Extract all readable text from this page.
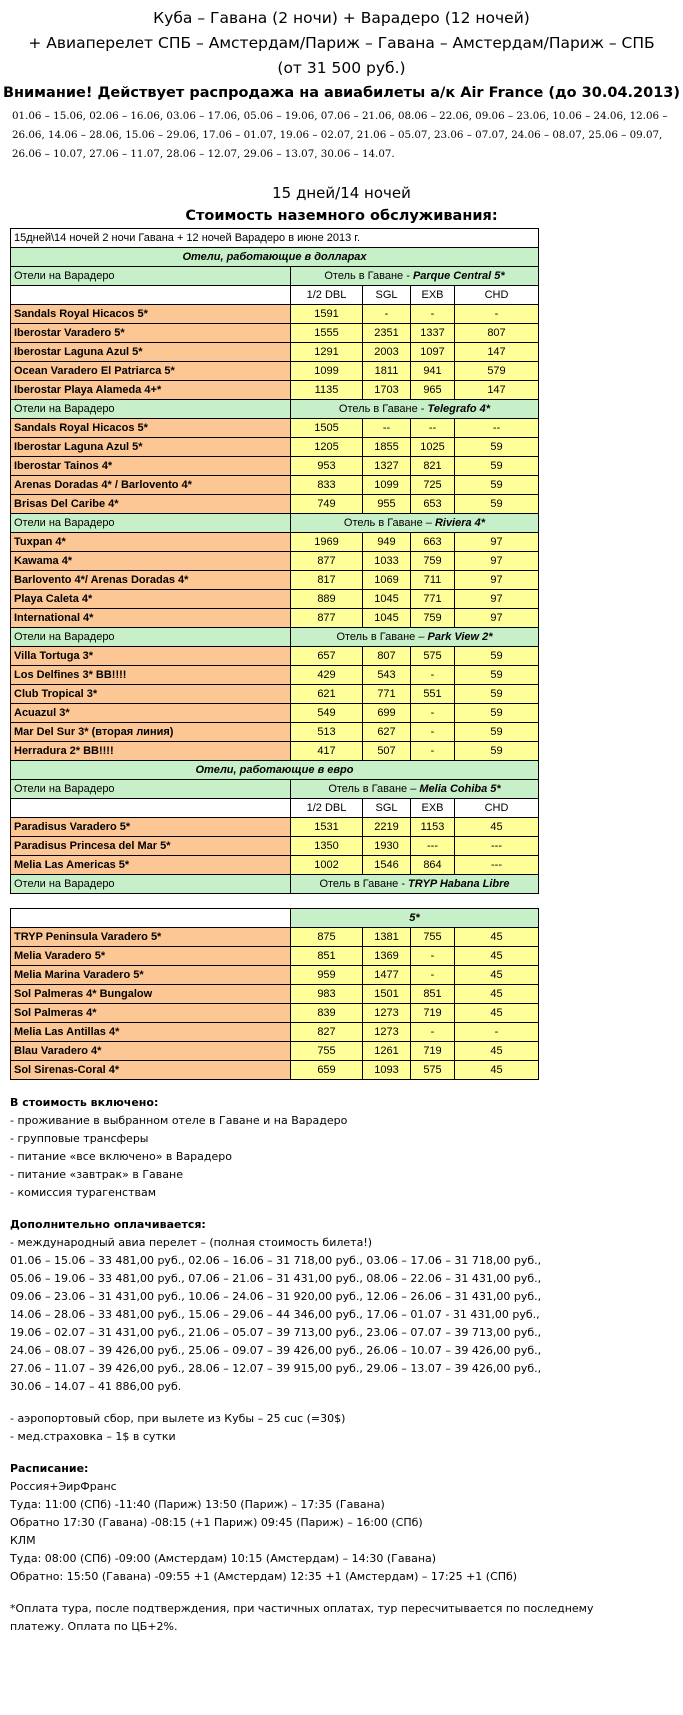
Куба – Гавана (2 ночи) + Варадеро (12 ночей)
+ Авиаперелет СПБ – Амстердам/Париж – Гавана – Амстердам/Париж – СПБ
(от 31 500 руб.)
Внимание! Действует распродажа на авиабилеты а/к Air France (до 30.04.2013)
01.06 – 15.06, 02.06 – 16.06, 03.06 – 17.06, 05.06 – 19.06, 07.06 – 21.06, 08.06 – 22.06, 09.06 – 23.06, 10.06 – 24.06, 12.06 – 26.06, 14.06 – 28.06, 15.06 – 29.06, 17.06 – 01.07, 19.06 – 02.07, 21.06 – 05.07, 23.06 – 07.07, 24.06 – 08.07, 25.06 – 09.07, 26.06 – 10.07, 27.06 – 11.07, 28.06 – 12.07, 29.06 – 13.07, 30.06 – 14.07.
15 дней/14 ночей
Стоимость наземного обслуживания:
15дней\14 ночей 2 ночи Гавана + 12 ночей Варадеро в июне 2013 г.				
Отели, работающие в долларах				
Отели на Варадеро	Отель в Гаване - Parque Central 5*			
	1/2 DBL	SGL	EXB	CHD
Sandals Royal Hicacos 5*	1591	-	-	-
Iberostar Varadero 5*	1555	2351	1337	807
Iberostar Laguna Azul 5*	1291	2003	1097	147
Ocean Varadero El Patriarca 5*	1099	1811	941	579
Iberostar Playa Alameda 4+*	1135	1703	965	147
Отели на Варадеро	Отель в Гаване - Telegrafo 4*			
Sandals Royal Hicacos 5*	1505	--	--	--
Iberostar Laguna Azul 5*	1205	1855	1025	59
Iberostar Tainos 4*	953	1327	821	59
Arenas Doradas 4* / Barlovento 4*	833	1099	725	59
Brisas Del Caribe 4*	749	955	653	59
Отели на Варадеро	Отель в Гаване – Riviera 4*			
Tuxpan 4*	1969	949	663	97
Kawama 4*	877	1033	759	97
Barlovento 4*/ Arenas Doradas 4*	817	1069	711	97
Playa Caleta 4*	889	1045	771	97
International 4*	877	1045	759	97
Отели на Варадеро	Отель в Гаване – Park View 2*			
Villa Tortuga 3*	657	807	575	59
Los Delfines 3* BB!!!!	429	543	-	59
Club Tropical 3*	621	771	551	59
Acuazul 3*	549	699	-	59
Mar Del Sur 3* (вторая линия)	513	627	-	59
Herradura 2* BB!!!!	417	507	-	59
Отели, работающие в евро				
Отели на Варадеро	Отель в Гаване – Melia Cohiba 5*			
	1/2 DBL	SGL	EXB	CHD
Paradisus Varadero 5*	1531	2219	1153	45
Paradisus Princesa del Mar 5*	1350	1930	---	---
Melia Las Americas 5*	1002	1546	864	---
Отели на Варадеро	Отель в Гаване - TRYP Habana Libre			
	5*			
TRYP Peninsula Varadero 5*	875	1381	755	45
Melia Varadero 5*	851	1369	-	45
Melia Marina Varadero 5*	959	1477	-	45
Sol Palmeras 4* Bungalow	983	1501	851	45
Sol Palmeras 4*	839	1273	719	45
Melia Las Antillas 4*	827	1273	-	-
Blau Varadero 4*	755	1261	719	45
Sol Sirenas-Coral 4*	659	1093	575	45
В стоимость включено:
- проживание в выбранном отеле в Гаване и на Варадеро
- групповые трансферы
- питание «все включено» в Варадеро
- питание «завтрак» в Гаване
- комиссия турагенствам
Дополнительно оплачивается:
- международный авиа перелет – (полная стоимость билета!)
01.06 – 15.06 – 33 481,00 руб., 02.06 – 16.06 – 31 718,00 руб., 03.06 – 17.06 – 31 718,00 руб.,
05.06 – 19.06 – 33 481,00 руб., 07.06 – 21.06 – 31 431,00 руб., 08.06 – 22.06 – 31 431,00 руб.,
09.06 – 23.06 – 31 431,00 руб., 10.06 – 24.06 – 31 920,00 руб., 12.06 – 26.06 – 31 431,00 руб.,
14.06 – 28.06 – 33 481,00 руб., 15.06 – 29.06 – 44 346,00 руб., 17.06 – 01.07 - 31 431,00 руб.,
19.06 – 02.07 – 31 431,00 руб., 21.06 – 05.07 – 39 713,00 руб., 23.06 – 07.07 – 39 713,00 руб.,
24.06 – 08.07 – 39 426,00 руб., 25.06 – 09.07 – 39 426,00 руб., 26.06 – 10.07 – 39 426,00 руб.,
27.06 – 11.07 – 39 426,00 руб., 28.06 – 12.07 – 39 915,00 руб., 29.06 – 13.07 – 39 426,00 руб.,
30.06 – 14.07 – 41 886,00 руб.
- аэропортовый сбор, при вылете из Кубы – 25 cuc (=30$)
- мед.страховка – 1$ в сутки
Расписание:
Россия+ЭирФранс
Туда: 11:00 (СПб) -11:40 (Париж) 13:50 (Париж) – 17:35 (Гавана)
Обратно 17:30 (Гавана) -08:15 (+1 Париж) 09:45 (Париж) – 16:00 (СПб)
КЛМ
Туда: 08:00 (СПб) -09:00 (Амстердам) 10:15 (Амстердам) – 14:30 (Гавана)
Обратно: 15:50 (Гавана) -09:55 +1 (Амстердам) 12:35 +1 (Амстердам) – 17:25 +1 (СПб)
*Оплата тура, после подтверждения, при частичных оплатах, тур пересчитывается по последнему
платежу. Оплата по ЦБ+2%.
